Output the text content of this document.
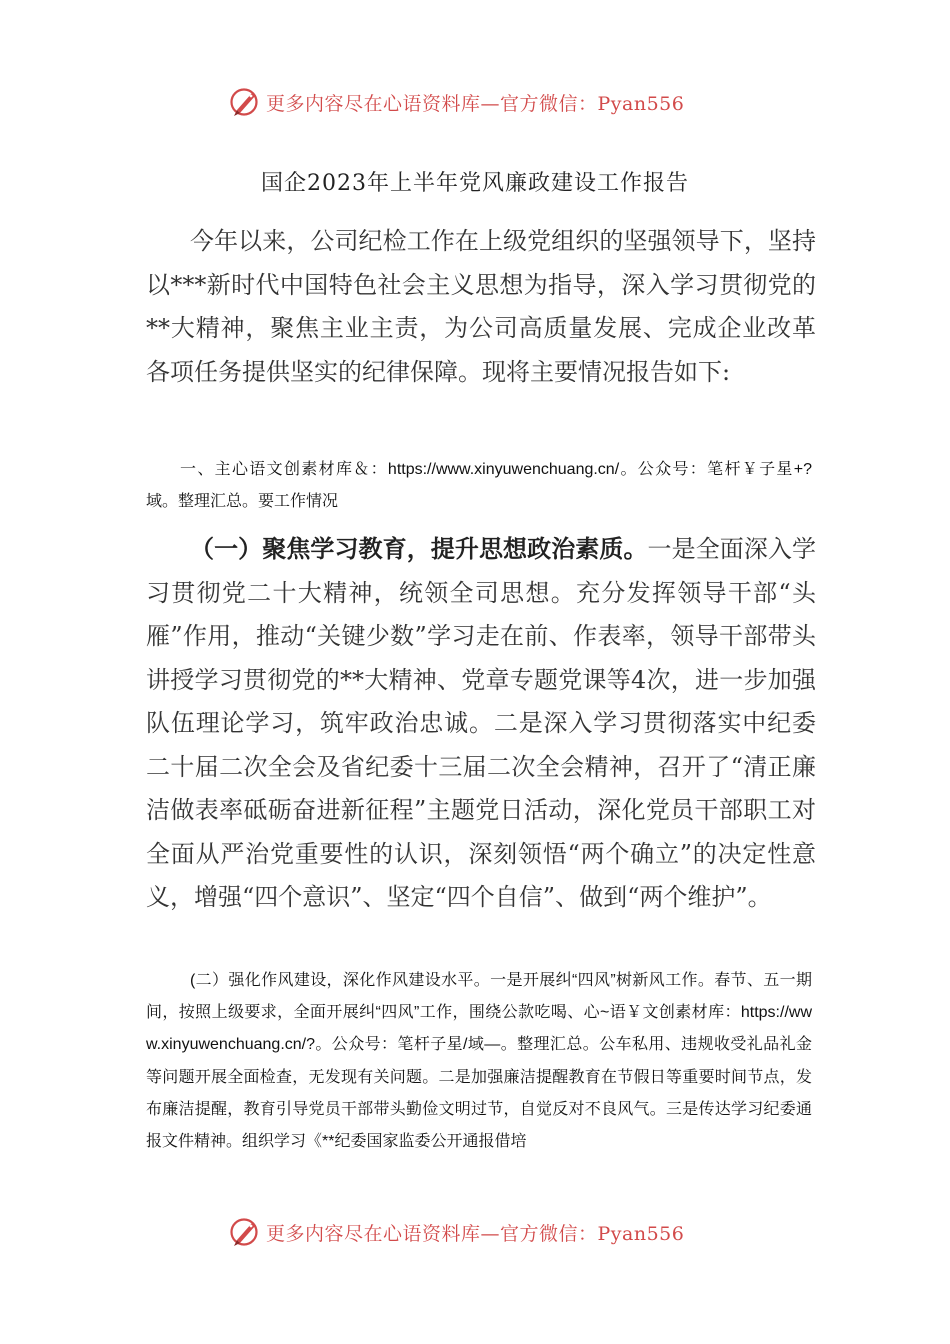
更多内容尽在心语资料库—官方微信：Pyan556
国企2023年上半年党风廉政建设工作报告

今年以来，公司纪检工作在上级党组织的坚强领导下，坚持以***新时代中国特色社会主义思想为指导，深入学习贯彻党的**大精神，聚焦主业主责，为公司高质量发展、完成企业改革各项任务提供坚实的纪律保障。现将主要情况报告如下:

一、主心语文创素材库＆：https://www.xinyuwenchuang.cn/。公众号：笔杆￥子星+?域。整理汇总。要工作情况

（一）聚焦学习教育，提升思想政治素质。一是全面深入学习贯彻党二十大精神，统领全司思想。充分发挥领导干部“头雁”作用，推动“关键少数”学习走在前、作表率，领导干部带头讲授学习贯彻党的**大精神、党章专题党课等4次，进一步加强队伍理论学习，筑牢政治忠诚。二是深入学习贯彻落实中纪委二十届二次全会及省纪委十三届二次全会精神，召开了“清正廉洁做表率砥砺奋进新征程”主题党日活动，深化党员干部职工对全面从严治党重要性的认识，深刻领悟“两个确立”的决定性意义，增强“四个意识”、坚定“四个自信”、做到“两个维护”。

(二）强化作风建设，深化作风建设水平。一是开展纠“四风”树新风工作。春节、五一期间，按照上级要求，全面开展纠“四风”工作，围绕公款吃喝、心~语￥文创素材库：https://www.xinyuwenchuang.cn/?。公众号：笔杆子星/域—。整理汇总。公车私用、违规收受礼品礼金等问题开展全面检查，无发现有关问题。二是加强廉洁提醒教育在节假日等重要时间节点，发布廉洁提醒，教育引导党员干部带头勤俭文明过节，自觉反对不良风气。三是传达学习纪委通报文件精神。组织学习《**纪委国家监委公开通报借培

更多内容尽在心语资料库—官方微信：Pyan556
